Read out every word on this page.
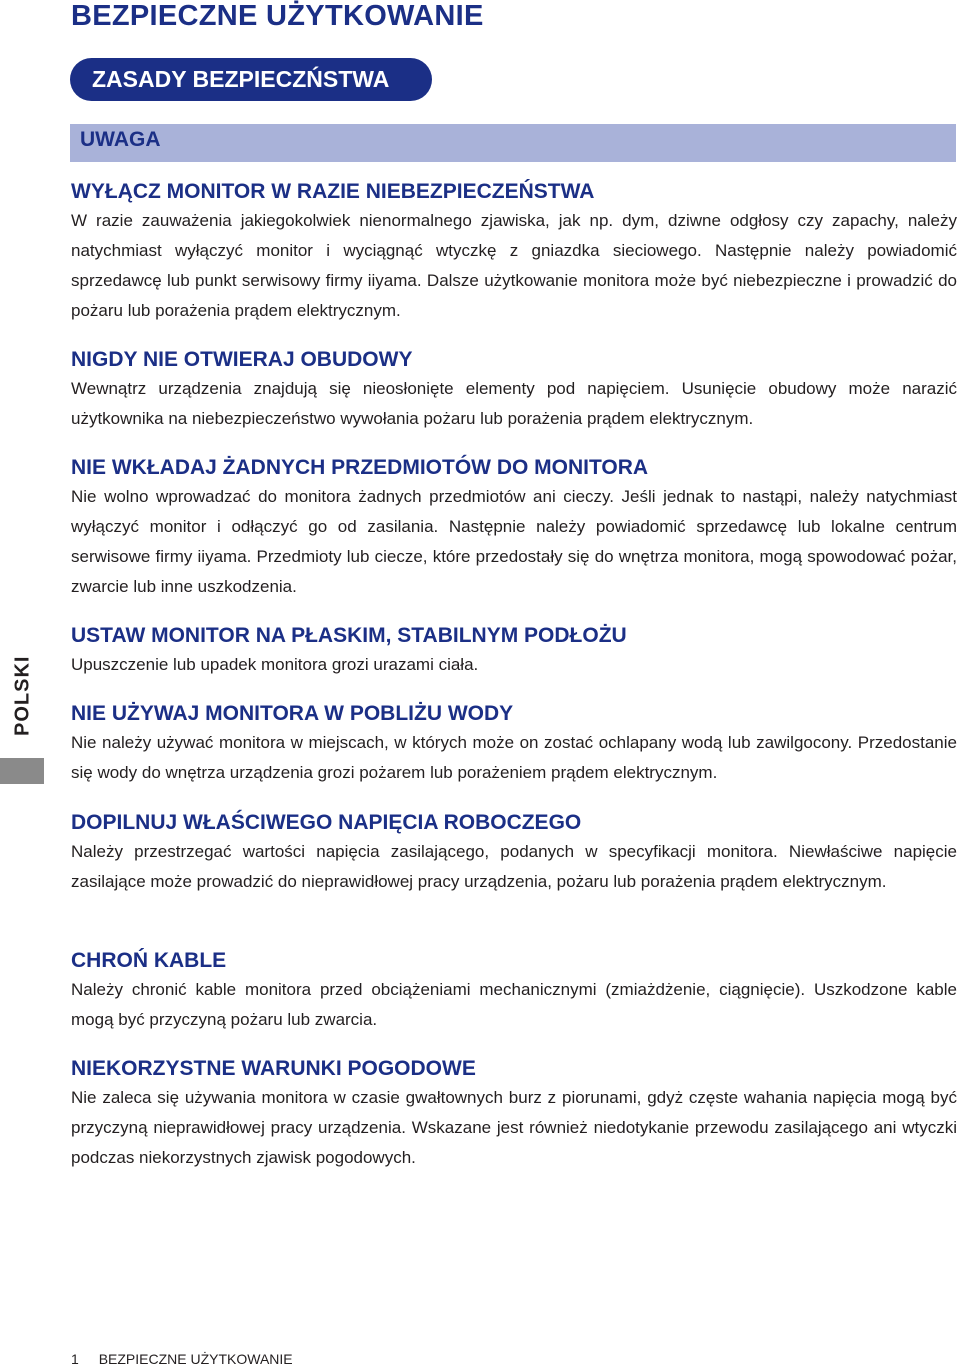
BEZPIECZNE UŻYTKOWANIE
ZASADY BEZPIECZŃSTWA
UWAGA
WYŁĄCZ MONITOR W RAZIE NIEBEZPIECZEŃSTWA

W razie zauważenia jakiegokolwiek nienormalnego zjawiska, jak np. dym, dziwne odgłosy czy zapachy, należy natychmiast wyłączyć monitor i wyciągnąć wtyczkę z gniazdka sieciowego. Następnie należy powiadomić sprzedawcę lub punkt serwisowy firmy iiyama. Dalsze użytkowanie monitora może być niebezpieczne i prowadzić do pożaru lub porażenia prądem elektrycznym.

NIGDY NIE OTWIERAJ OBUDOWY

Wewnątrz urządzenia znajdują się nieosłonięte elementy pod napięciem. Usunięcie obudowy może narazić użytkownika na niebezpieczeństwo wywołania pożaru lub porażenia prądem elektrycznym.

NIE WKŁADAJ ŻADNYCH PRZEDMIOTÓW DO MONITORA

Nie wolno wprowadzać do monitora żadnych przedmiotów ani cieczy. Jeśli jednak to nastąpi, należy natychmiast wyłączyć monitor i odłączyć go od zasilania. Następnie należy powiadomić sprzedawcę lub lokalne centrum serwisowe firmy iiyama. Przedmioty lub ciecze, które przedostały się do wnętrza monitora, mogą spowodować pożar, zwarcie lub inne uszkodzenia.

USTAW MONITOR NA PŁASKIM, STABILNYM PODŁOŻU

Upuszczenie lub upadek monitora grozi urazami ciała.

NIE UŻYWAJ MONITORA W POBLIŻU WODY

Nie należy używać monitora w miejscach, w których może on zostać ochlapany wodą lub zawilgocony. Przedostanie się wody do wnętrza urządzenia grozi pożarem lub porażeniem prądem elektrycznym.

DOPILNUJ WŁAŚCIWEGO NAPIĘCIA ROBOCZEGO

Należy przestrzegać wartości napięcia zasilającego, podanych w specyfikacji monitora. Niewłaściwe napięcie zasilające może prowadzić do nieprawidłowej pracy urządzenia, pożaru lub porażenia prądem elektrycznym.

CHROŃ KABLE

Należy chronić kable monitora przed obciążeniami mechanicznymi (zmiażdżenie, ciągnięcie). Uszkodzone kable mogą być przyczyną pożaru lub zwarcia.

NIEKORZYSTNE WARUNKI POGODOWE

Nie zaleca się używania monitora w czasie gwałtownych burz z piorunami, gdyż częste wahania napięcia mogą być przyczyną nieprawidłowej pracy urządzenia. Wskazane jest również niedotykanie przewodu zasilającego ani wtyczki podczas niekorzystnych zjawisk pogodowych.

POLSKI
1 BEZPIECZNE UŻYTKOWANIE
